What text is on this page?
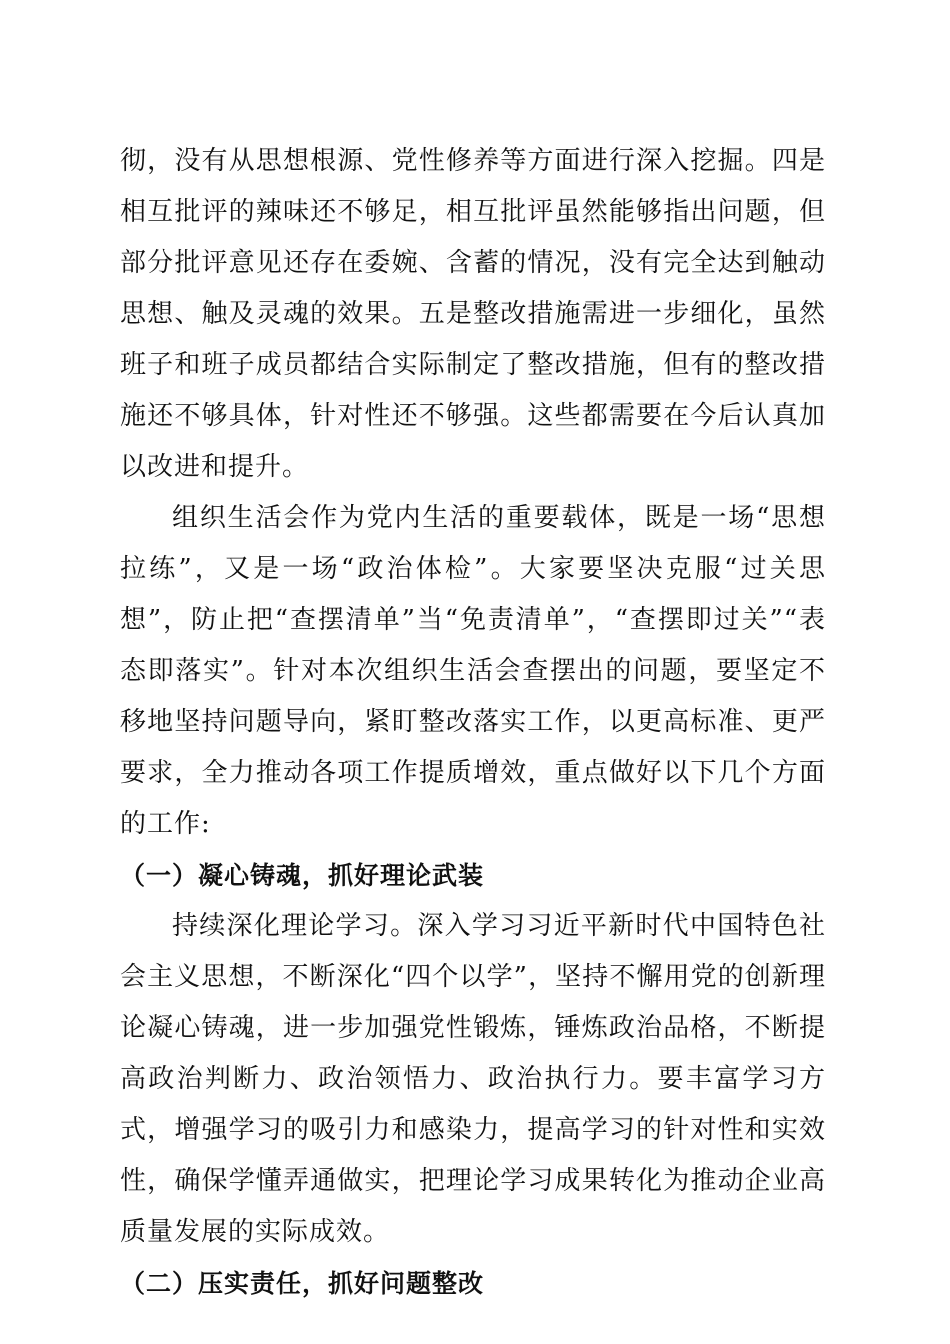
彻，没有从思想根源、党性修养等方面进行深入挖掘。四是相互批评的辣味还不够足，相互批评虽然能够指出问题，但部分批评意见还存在委婉、含蓄的情况，没有完全达到触动思想、触及灵魂的效果。五是整改措施需进一步细化，虽然班子和班子成员都结合实际制定了整改措施，但有的整改措施还不够具体，针对性还不够强。这些都需要在今后认真加以改进和提升。

组织生活会作为党内生活的重要载体，既是一场“思想拉练”，又是一场“政治体检”。大家要坚决克服“过关思想”，防止把“查摆清单”当“免责清单”，“查摆即过关”“表态即落实”。针对本次组织生活会查摆出的问题，要坚定不移地坚持问题导向，紧盯整改落实工作，以更高标准、更严要求，全力推动各项工作提质增效，重点做好以下几个方面的工作:

（一）凝心铸魂，抓好理论武装

持续深化理论学习。深入学习习近平新时代中国特色社会主义思想，不断深化“四个以学”，坚持不懈用党的创新理论凝心铸魂，进一步加强党性锻炼，锤炼政治品格，不断提高政治判断力、政治领悟力、政治执行力。要丰富学习方式，增强学习的吸引力和感染力，提高学习的针对性和实效性，确保学懂弄通做实，把理论学习成果转化为推动企业高质量发展的实际成效。

（二）压实责任，抓好问题整改
